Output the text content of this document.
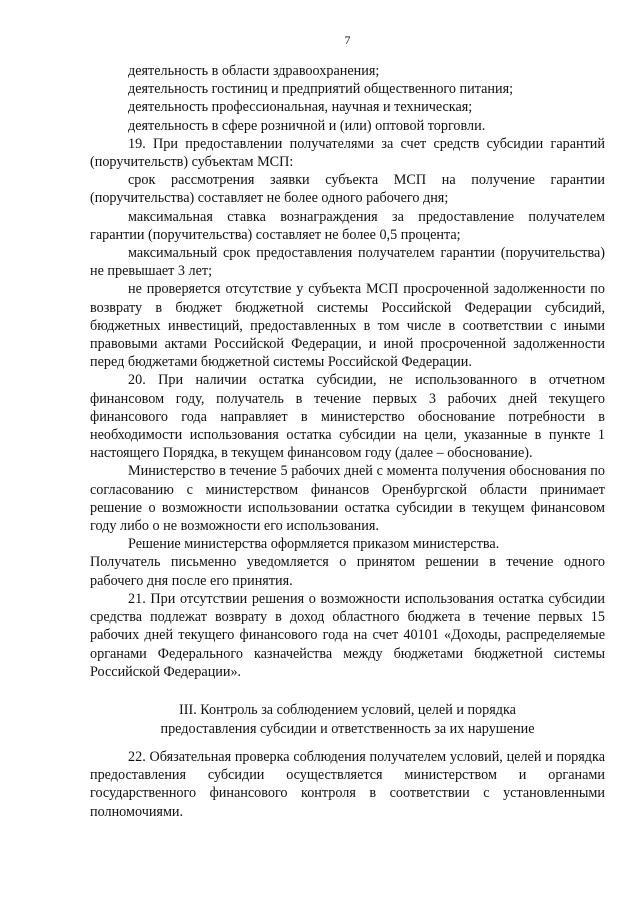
7

деятельность в области здравоохранения;

деятельность гостиниц и предприятий общественного питания;

деятельность профессиональная, научная и техническая;

деятельность в сфере розничной и (или) оптовой торговли.

19. При предоставлении получателями за счет средств субсидии гарантий (поручительств) субъектам МСП:

срок рассмотрения заявки субъекта МСП на получение гарантии (поручительства) составляет не более одного рабочего дня;

максимальная ставка вознаграждения за предоставление получателем гарантии (поручительства) составляет не более 0,5 процента;

максимальный срок предоставления получателем гарантии (поручительства) не превышает 3 лет;

не проверяется отсутствие у субъекта МСП просроченной задолженности по возврату в бюджет бюджетной системы Российской Федерации субсидий, бюджетных инвестиций, предоставленных в том числе в соответствии с иными правовыми актами Российской Федерации, и иной просроченной задолженности перед бюджетами бюджетной системы Российской Федерации.

20. При наличии остатка субсидии, не использованного в отчетном финансовом году, получатель в течение первых 3 рабочих дней текущего финансового года направляет в министерство обоснование потребности в необходимости использования остатка субсидии на цели, указанные в пункте 1 настоящего Порядка, в текущем финансовом году (далее – обоснование).

Министерство в течение 5 рабочих дней с момента получения обоснования по согласованию с министерством финансов Оренбургской области принимает решение о возможности использовании остатка субсидии в текущем финансовом году либо о не возможности его использования.

Решение министерства оформляется приказом министерства.

Получатель письменно уведомляется о принятом решении в течение одного рабочего дня после его принятия.

21. При отсутствии решения о возможности использования остатка субсидии средства подлежат возврату в доход областного бюджета в течение первых 15 рабочих дней текущего финансового года на счет 40101 «Доходы, распределяемые органами Федерального казначейства между бюджетами бюджетной системы Российской Федерации».

III. Контроль за соблюдением условий, целей и порядка
предоставления субсидии и ответственность за их нарушение

22. Обязательная проверка соблюдения получателем условий, целей и порядка предоставления субсидии осуществляется министерством и органами государственного финансового контроля в соответствии с установленными полномочиями.
